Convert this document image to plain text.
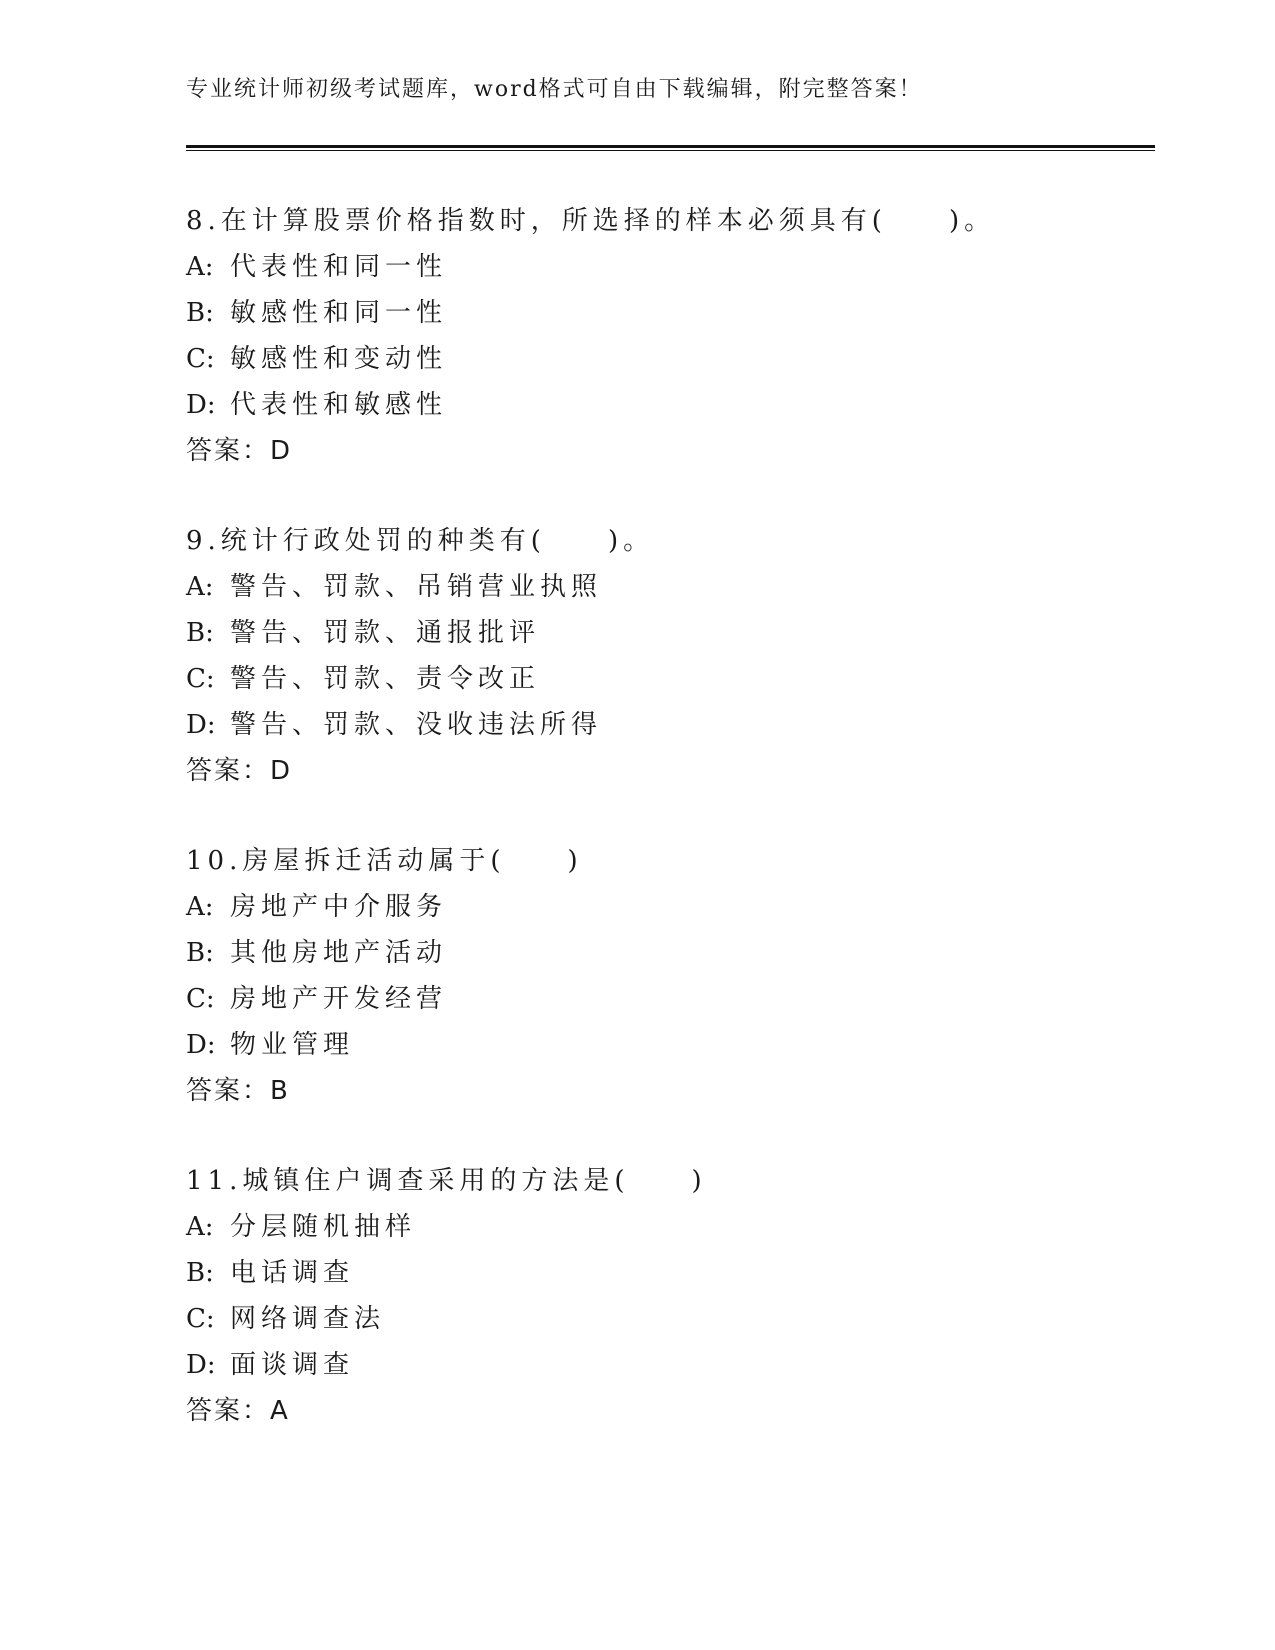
专业统计师初级考试题库，word格式可自由下载编辑，附完整答案！
8.在计算股票价格指数时，所选择的样本必须具有(　　)。
A: 代表性和同一性
B: 敏感性和同一性
C: 敏感性和变动性
D: 代表性和敏感性
答案：D
9.统计行政处罚的种类有(　　)。
A: 警告、罚款、吊销营业执照
B: 警告、罚款、通报批评
C: 警告、罚款、责令改正
D: 警告、罚款、没收违法所得
答案：D
10.房屋拆迁活动属于(　　)
A: 房地产中介服务
B: 其他房地产活动
C: 房地产开发经营
D: 物业管理
答案：B
11.城镇住户调查采用的方法是(　　)
A: 分层随机抽样
B: 电话调查
C: 网络调查法
D: 面谈调查
答案：A
